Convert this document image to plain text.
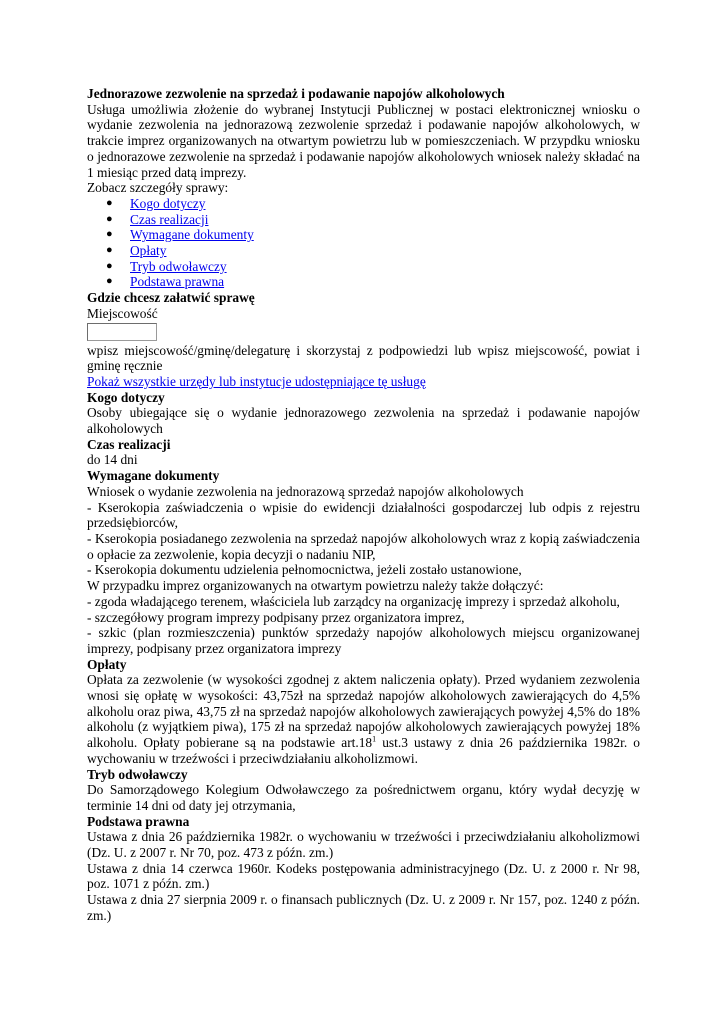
Jednorazowe zezwolenie na sprzedaż i podawanie napojów alkoholowych

Usługa umożliwia złożenie do wybranej Instytucji Publicznej w postaci elektronicznej wniosku o wydanie zezwolenia na jednorazową zezwolenie sprzedaż i podawanie napojów alkoholowych, w trakcie imprez organizowanych na otwartym powietrzu lub w pomieszczeniach. W przypdku wniosku o jednorazowe zezwolenie na sprzedaż i podawanie napojów alkoholowych wniosek należy składać na 1 miesiąc przed datą imprezy.

Zobacz szczegóły sprawy:

● Kogo dotyczy
● Czas realizacji
● Wymagane dokumenty
● Opłaty
● Tryb odwoławczy
● Podstawa prawna

Gdzie chcesz załatwić sprawę

Miejscowość

wpisz miejscowość/gminę/delegaturę i skorzystaj z podpowiedzi lub wpisz miejscowość, powiat i gminę ręcznie

Pokaż wszystkie urzędy lub instytucje udostępniające tę usługę

Kogo dotyczy

Osoby ubiegające się o wydanie jednorazowego zezwolenia na sprzedaż i podawanie napojów alkoholowych

Czas realizacji

do 14 dni

Wymagane dokumenty

Wniosek o wydanie zezwolenia na jednorazową sprzedaż napojów alkoholowych

- Kserokopia zaświadczenia o wpisie do ewidencji działalności gospodarczej lub odpis z rejestru przedsiębiorców,

- Kserokopia posiadanego zezwolenia na sprzedaż napojów alkoholowych wraz z kopią zaświadczenia o opłacie za zezwolenie, kopia decyzji o nadaniu NIP,

- Kserokopia dokumentu udzielenia pełnomocnictwa, jeżeli zostało ustanowione,

W przypadku imprez organizowanych na otwartym powietrzu należy także dołączyć:

- zgoda władającego terenem, właściciela lub zarządcy na organizację imprezy i sprzedaż alkoholu,

- szczegółowy program imprezy podpisany przez organizatora imprez,

- szkic (plan rozmieszczenia) punktów sprzedaży napojów alkoholowych miejscu organizowanej imprezy, podpisany przez organizatora imprezy

Opłaty

Opłata za zezwolenie (w wysokości zgodnej z aktem naliczenia opłaty). Przed wydaniem zezwolenia wnosi się opłatę w wysokości: 43,75zł na sprzedaż napojów alkoholowych zawierających do 4,5% alkoholu oraz piwa, 43,75 zł na sprzedaż napojów alkoholowych zawierających powyżej 4,5% do 18% alkoholu (z wyjątkiem piwa), 175 zł na sprzedaż napojów alkoholowych zawierających powyżej 18% alkoholu. Opłaty pobierane są na podstawie $art.18^1$ ust.3 ustawy z dnia 26 października 1982r. o wychowaniu w trzeźwości i przeciwdziałaniu alkoholizmowi.

Tryb odwoławczy

Do Samorządowego Kolegium Odwoławczego za pośrednictwem organu, który wydał decyzję w terminie 14 dni od daty jej otrzymania,

Podstawa prawna

Ustawa z dnia 26 października 1982r. o wychowaniu w trzeźwości i przeciwdziałaniu alkoholizmowi (Dz. U. z 2007 r. Nr 70, poz. 473 z późn. zm.)

Ustawa z dnia 14 czerwca 1960r. Kodeks postępowania administracyjnego (Dz. U. z 2000 r. Nr 98, poz. 1071 z późn. zm.)

Ustawa z dnia 27 sierpnia 2009 r. o finansach publicznych (Dz. U. z 2009 r. Nr 157, poz. 1240 z późn. zm.)
